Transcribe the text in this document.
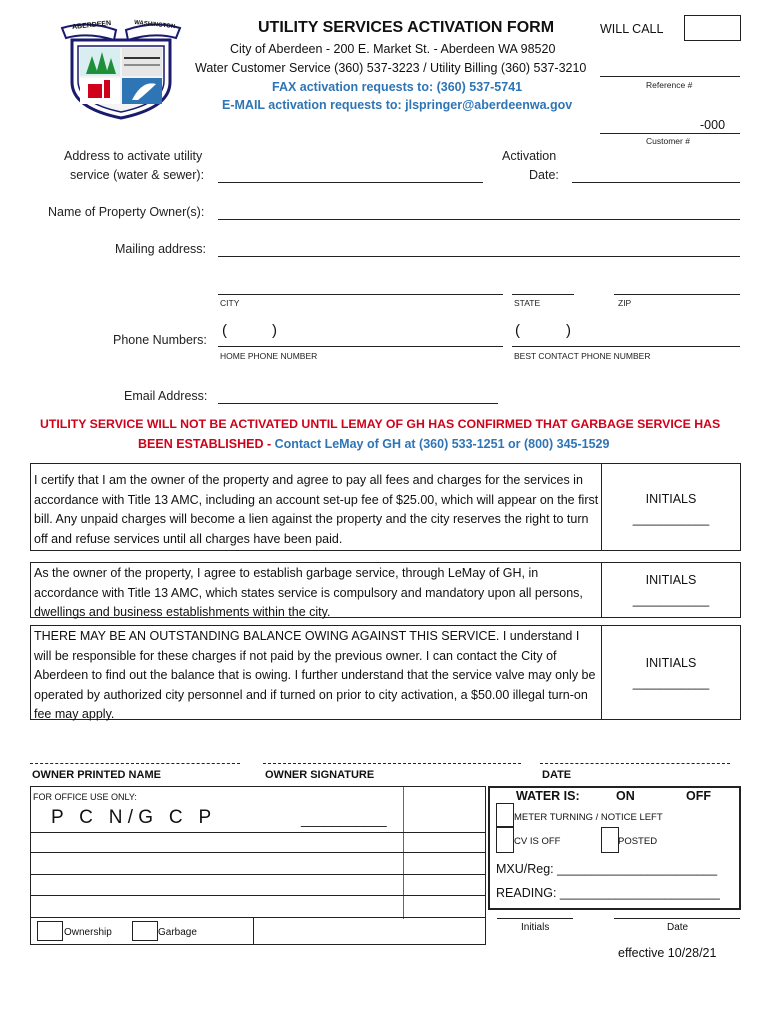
ABERDEEN	WASHINGTON	UTILITY SERVICES ACTIVATION FORM	WILL CALL
City of Aberdeen - 200 E. Market St. - Aberdeen WA 98520
Water Customer Service (360) 537-3223 / Utility Billing (360) 537-3210
FAX activation requests to: (360) 537-5741
E-MAIL activation requests to: jlspringer@aberdeenwa.gov
Reference #
-000
Customer #
Address to activate utility
service (water & sewer):
Activation
Date:
Name of Property Owner(s):
Mailing address:
CITY	STATE	ZIP
Phone Numbers:
(	)
HOME PHONE NUMBER
(	)
BEST CONTACT PHONE NUMBER
Email Address:
UTILITY SERVICE WILL NOT BE ACTIVATED UNTIL LEMAY OF GH HAS CONFIRMED THAT GARBAGE SERVICE HAS
BEEN ESTABLISHED - Contact LeMay of GH at (360) 533-1251 or (800) 345-1529
I certify that I am the owner of the property and agree to pay all fees and charges for the services in accordance with Title 13 AMC, including an account set-up fee of $25.00, which will appear on the first bill. Any unpaid charges will become a lien against the property and the city reserves the right to turn off and refuse services until all charges have been paid.
INITIALS
___________
As the owner of the property, I agree to establish garbage service, through LeMay of GH, in accordance with Title 13 AMC, which states service is compulsory and mandatory upon all persons, dwellings and business establishments within the city.
INITIALS
___________
THERE MAY BE AN OUTSTANDING BALANCE OWING AGAINST THIS SERVICE. I understand I will be responsible for these charges if not paid by the previous owner. I can contact the City of Aberdeen to find out the balance that is owing. I further understand that the service valve may only be operated by authorized city personnel and if turned on prior to city activation, a $50.00 illegal turn-on fee may apply.
INITIALS
___________
OWNER PRINTED NAME	OWNER SIGNATURE	DATE
FOR OFFICE USE ONLY:
P   C   N / G   C   P	___________
Ownership	Garbage
WATER IS:	ON	OFF
METER TURNING / NOTICE LEFT
CV IS OFF	POSTED
MXU/Reg: _______________________
READING: _______________________
Initials	Date
effective 10/28/21
